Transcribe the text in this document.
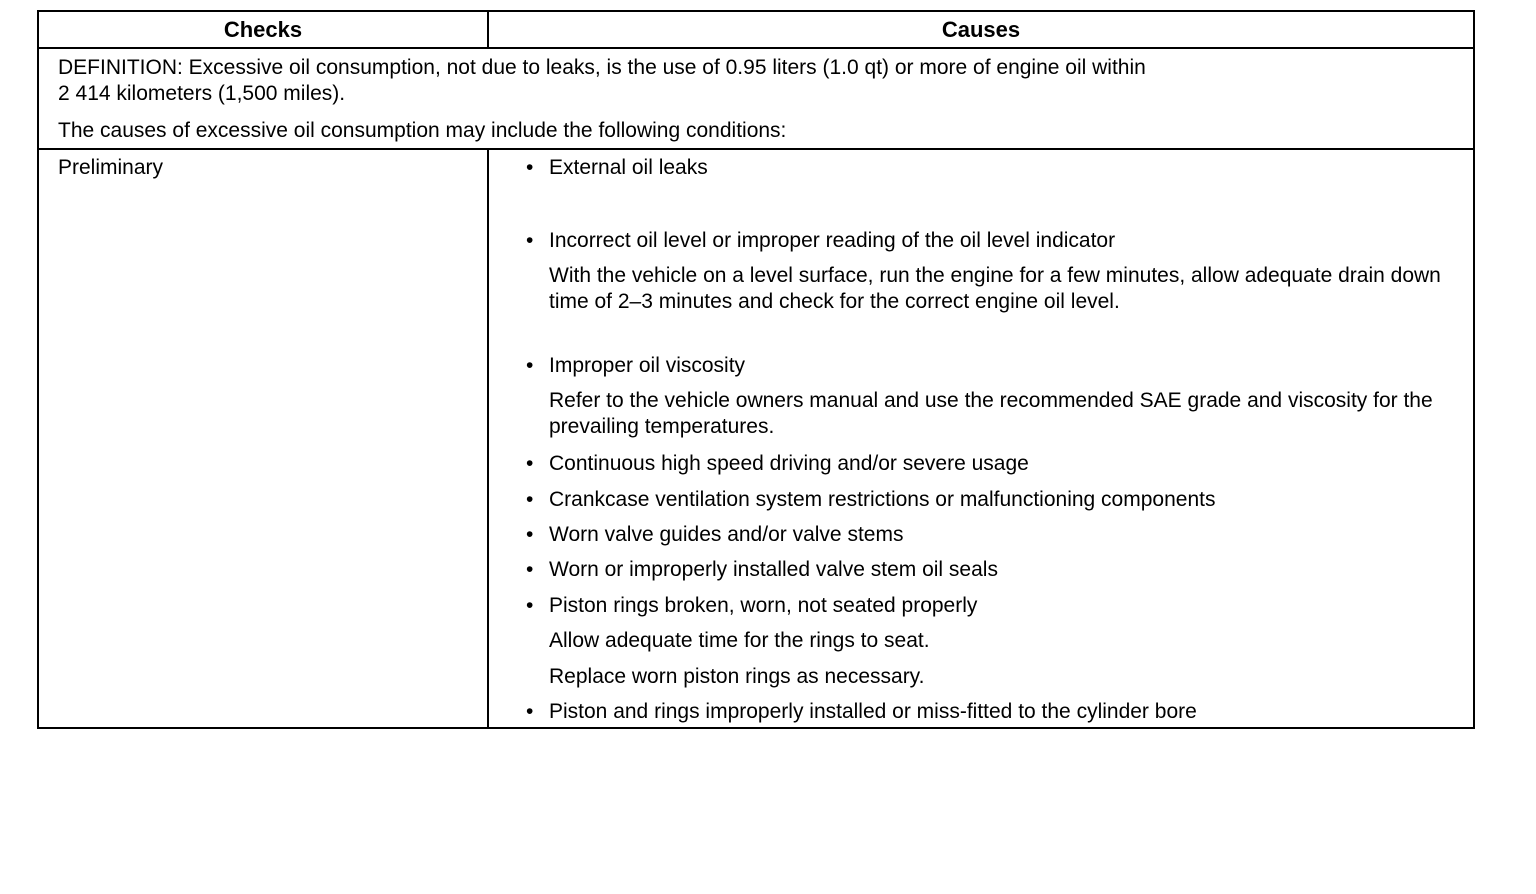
Checks	Causes

DEFINITION: Excessive oil consumption, not due to leaks, is the use of 0.95 liters (1.0 qt) or more of engine oil within
2 414 kilometers (1,500 miles).

The causes of excessive oil consumption may include the following conditions:

Preliminary	• External oil leaks
• Incorrect oil level or improper reading of the oil level indicator

With the vehicle on a level surface, run the engine for a few minutes, allow adequate drain down time of 2–3 minutes and check for the correct engine oil level.

• Improper oil viscosity

Refer to the vehicle owners manual and use the recommended SAE grade and viscosity for the prevailing temperatures.

• Continuous high speed driving and/or severe usage
• Crankcase ventilation system restrictions or malfunctioning components
• Worn valve guides and/or valve stems
• Worn or improperly installed valve stem oil seals
• Piston rings broken, worn, not seated properly

Allow adequate time for the rings to seat.

Replace worn piston rings as necessary.

• Piston and rings improperly installed or miss-fitted to the cylinder bore
